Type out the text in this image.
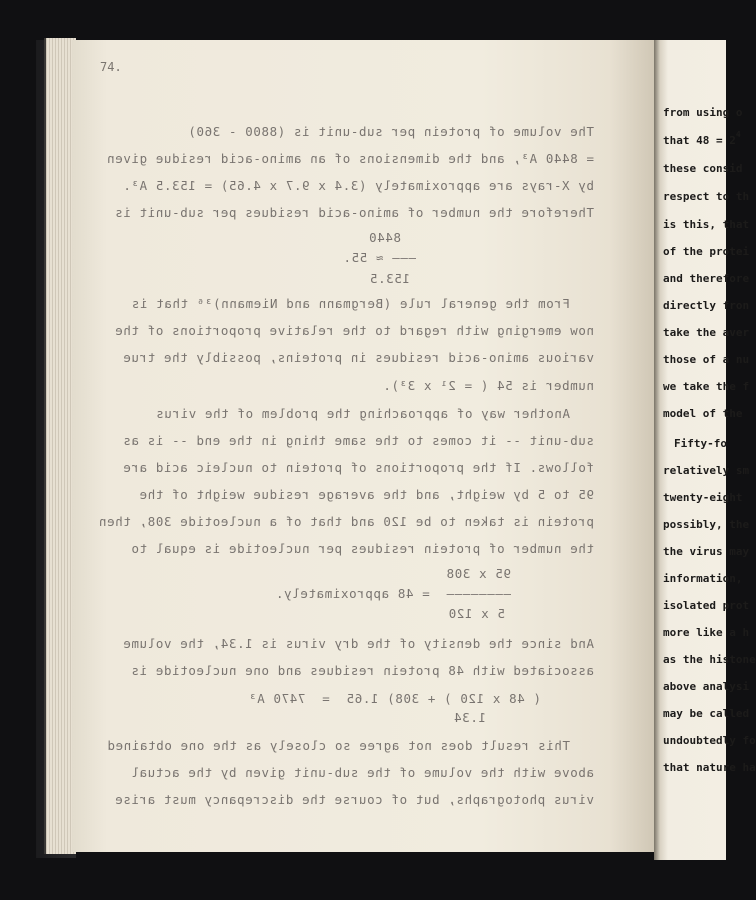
74.
The volume of protein per sub-unit is (8800 - 360)
= 8440 A³, and the dimensions of an amino-acid residue given
by X-rays are approximately (3.4 x 9.7 x 4.65) = 153.5 A³.
Therefore the number of amino-acid residues per sub-unit is
8440
——— ≈ 55.
153.5
From the general rule (Bergmann and Niemann)³⁶ that is
now emerging with regard to the relative proportions of the
various amino-acid residues in proteins, possibly the true
number is 54 ( = 2¹ x 3³).
Another way of approaching the problem of the virus
sub-unit -- it comes to the same thing in the end -- is as
follows. If the proportions of protein to nucleic acid are
95 to 5 by weight, and the average residue weight of the
protein is taken to be 120 and that of a nucleotide 308, then
the number of protein residues per nucleotide is equal to
95 x 308
————————  = 48 approximately.
5 x 120
And since the density of the dry virus is 1.34, the volume
associated with 48 protein residues and one nucleotide is
( 48 x 120 ) + 308) 1.65  =  7470 A³
1.34
This result does not agree so closely as the one obtained
above with the volume of the sub-unit given by the actual
virus photographs, but of course the discrepancy must arise
from using o
that $48 = 2^4$
these consid
respect to th
is this, that
of the protei
and therefore
directly fron
take the aver
those of a nu
we take the f
model of the
Fifty-fo
relatively sm
twenty-eight
possibly, the
the virus may
information,
isolated prot
more like a h
as the histone
above analysi
may be called
undoubtedly fo
that nature ha
